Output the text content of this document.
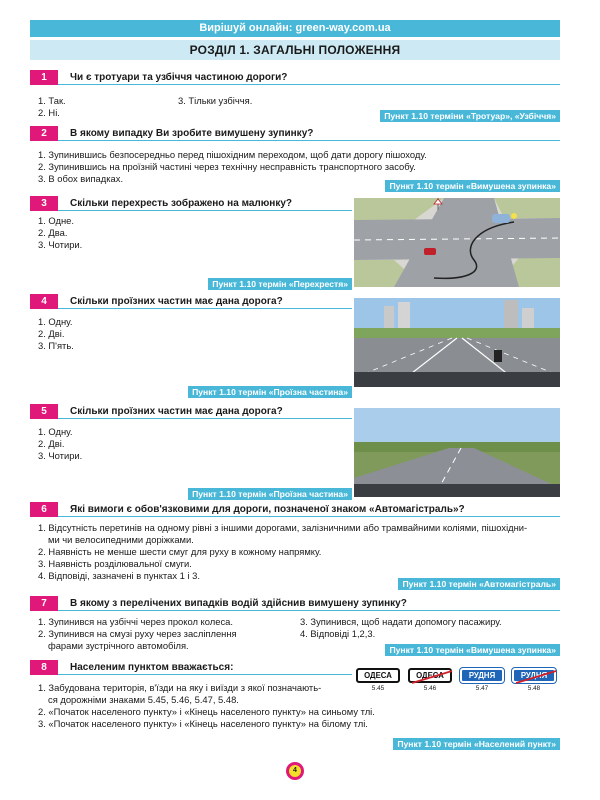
Вирішуй онлайн: green-way.com.ua
РОЗДІЛ 1. ЗАГАЛЬНІ ПОЛОЖЕННЯ
1	Чи є тротуари та узбіччя частиною дороги?
1. Так.
2. Ні.
3. Тільки узбіччя.
Пункт 1.10 терміни «Тротуар», «Узбіччя»
2	В якому випадку Ви зробите вимушену зупинку?
1. Зупинившись безпосередньо перед пішохідним переходом, щоб дати дорогу пішоходу.
2. Зупинившись на проїзній частині через технічну несправність транспортного засобу.
3. В обох випадках.
Пункт 1.10 термін «Вимушена зупинка»
3	Скільки перехресть зображено на малюнку?
1. Одне.
2. Два.
3. Чотири.
Пункт 1.10 термін «Перехрестя»
4	Скільки проїзних частин має дана дорога?
1. Одну.
2. Дві.
3. П'ять.
Пункт 1.10 термін «Проїзна частина»
5	Скільки проїзних частин має дана дорога?
1. Одну.
2. Дві.
3. Чотири.
Пункт 1.10 термін «Проїзна частина»
6	Які вимоги є обов'язковими для дороги, позначеної знаком «Автомагістраль»?
1. Відсутність перетинів на одному рівні з іншими дорогами, залізничними або трамвайними коліями, пішохідни-
ми чи велосипедними доріжками.
2. Наявність не менше шести смуг для руху в кожному напрямку.
3. Наявність розділювальної смуги.
4. Відповіді, зазначені в пунктах 1 і 3.
Пункт 1.10 термін «Автомагістраль»
7	В якому з перелічених випадків водій здійснив вимушену зупинку?
1. Зупинився на узбіччі через прокол колеса.
2. Зупинився на смузі руху через засліплення
фарами зустрічного автомобіля.
3. Зупинився, щоб надати допомогу пасажиру.
4. Відповіді 1,2,3.
Пункт 1.10 термін «Вимушена зупинка»
8	Населеним пунктом вважається:
1. Забудована територія, в'їзди на яку і виїзди з якої позначають-
ся дорожніми знаками 5.45, 5.46, 5.47, 5.48.
2. «Початок населеного пункту» і «Кінець населеного пункту» на синьому тлі.
3. «Початок населеного пункту» і «Кінець населеного пункту» на білому тлі.
ОДЕСА
5.45
ОДЕСА
5.46
РУДНЯ
5.47
РУДНЯ
5.48
Пункт 1.10 термін «Населений пункт»
4
